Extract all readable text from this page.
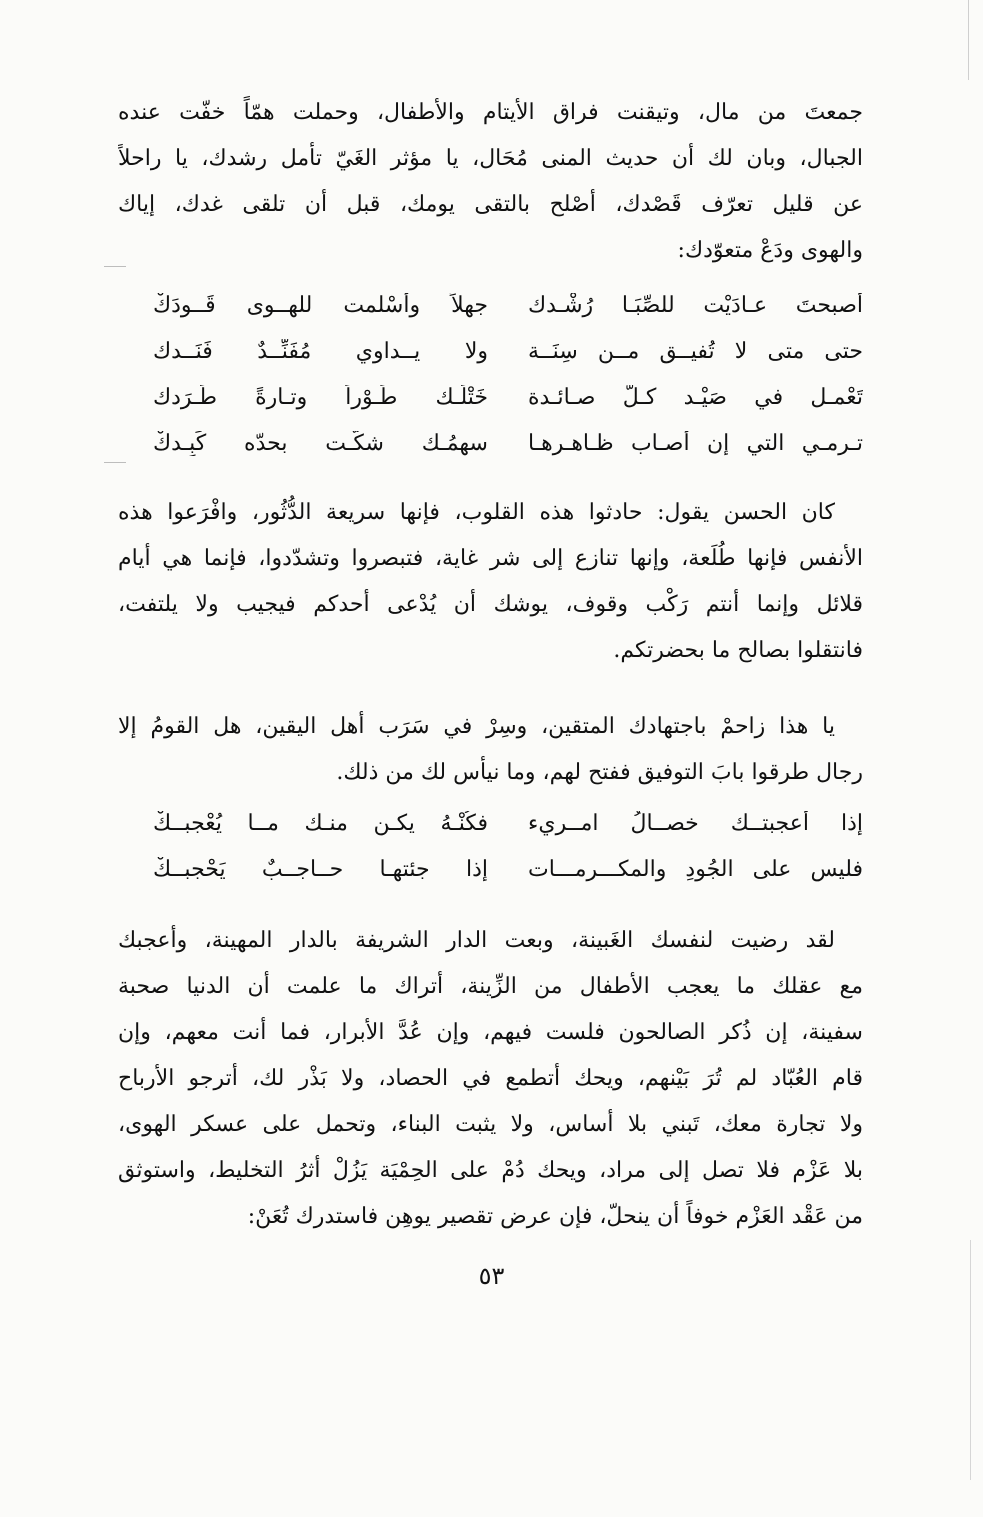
جمعتَ من مال، وتيقنت فراق الأيتام والأطفال، وحملت همّاً خفّت عنده
الجبال، وبان لك أن حديث المنى مُحَال، يا مؤثر الغَيّ تأمل رشدك، يا راحلاً
عن قليل تعرّف قَصْدك، أصْلح بالتقى يومك، قبل أن تلقى غدك، إياك
والهوى ودَعْ متعوّدك:
أصبحتَ عـادَيْت للصِّبَـا رُشْـدك
جهلاً وأسْلمت للهــوى قَــودَكْ
حتى متى لا تُفيــق مــن سِنَــة
ولا يــداوي مُفَنِّــدٌ فَنَــدك
تَعْمـل في صَيْـد كـلّ صـائـدة
خَتْلَـك طَـوْراً وتـارةً طَـرَدك
تـرمـي التي إن أصـاب ظـاهـرهـا
سهمُـك شكَّـت بحدّه كَبِـدكْ
كان الحسن يقول: حادثوا هذه القلوب، فإنها سريعة الدُّثُور، وافْرَعوا هذه
الأنفس فإنها طُلَعة، وإنها تنازع إلى شر غاية، فتبصروا وتشدّدوا، فإنما هي أيام
قلائل وإنما أنتم رَكْب وقوف، يوشك أن يُدْعى أحدكم فيجيب ولا يلتفت،
فانتقلوا بصالح ما بحضرتكم.
يا هذا زاحمْ باجتهادك المتقين، وسِرْ في سَرَب أهل اليقين، هل القومُ إلا
رجال طرقوا بابَ التوفيق ففتح لهم، وما نيأس لك من ذلك.
إذا أعجبتــك خصــالُ امــريء
فكُنْـهُ يكـن منـك مــا يُعْجبــكْ
فليس على الجُودِ والمكـــرمـــات
إذا جئتهـا حــاجــبٌ يَحْجبــكْ
لقد رضيت لنفسك الغَبينة، وبعت الدار الشريفة بالدار المهينة، وأعجبك
مع عقلك ما يعجب الأطفال من الزِّينة، أتراك ما علمت أن الدنيا صحبة
سفينة، إن ذُكر الصالحون فلست فيهم، وإن عُدَّ الأبرار، فما أنت معهم، وإن
قام العُبّاد لم تُرَ بَيْنهم، ويحك أتطمع في الحصاد، ولا بَذْر لك، أترجو الأرباح
ولا تجارة معك، تَبني بلا أساس، ولا يثبت البناء، وتحمل على عسكر الهوى،
بلا عَزْم فلا تصل إلى مراد، ويحك دُمْ على الحِمْيَة يَزُلْ أثرُ التخليط، واستوثق
من عَقْد العَزْم خوفاً أن ينحلّ، فإن عرض تقصير يوهِن فاستدرك تُعَنْ:
٥٣
